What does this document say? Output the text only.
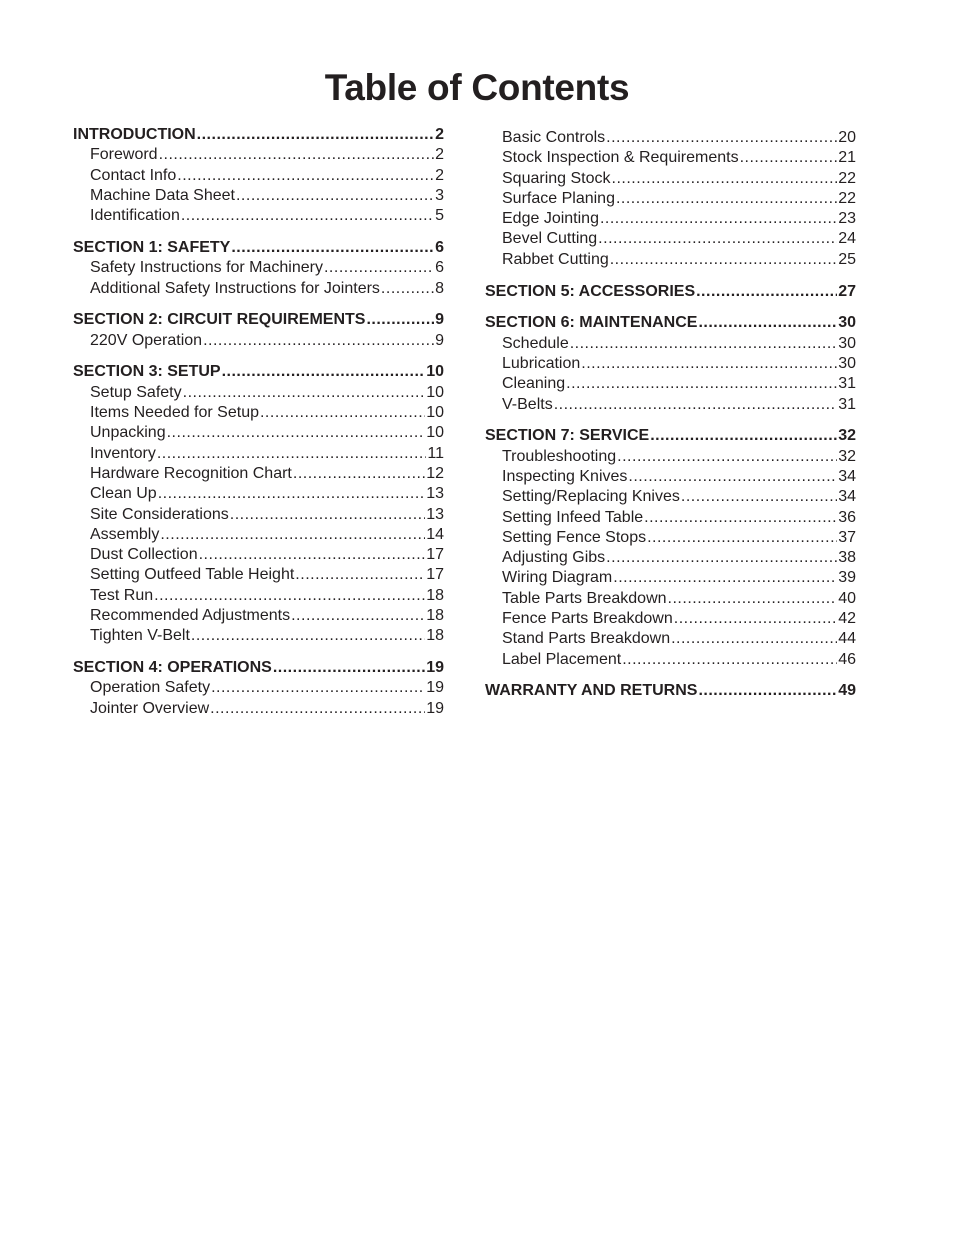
Table of Contents
INTRODUCTION .....	2
Foreword .....	2
Contact Info .....	2
Machine Data Sheet .....	3
Identification .....	5
SECTION 1: SAFETY .....	6
Safety Instructions for Machinery .....	6
Additional Safety Instructions for Jointers .....	8
SECTION 2: CIRCUIT REQUIREMENTS .....	9
220V Operation .....	9
SECTION 3: SETUP .....	10
Setup Safety .....	10
Items Needed for Setup .....	10
Unpacking .....	10
Inventory .....	11
Hardware Recognition Chart .....	12
Clean Up .....	13
Site Considerations .....	13
Assembly .....	14
Dust Collection .....	17
Setting Outfeed Table Height .....	17
Test Run .....	18
Recommended Adjustments .....	18
Tighten V-Belt .....	18
SECTION 4: OPERATIONS .....	19
Operation Safety .....	19
Jointer Overview .....	19
Basic Controls .....	20
Stock Inspection & Requirements .....	21
Squaring Stock .....	22
Surface Planing .....	22
Edge Jointing .....	23
Bevel Cutting .....	24
Rabbet Cutting .....	25
SECTION 5: ACCESSORIES .....	27
SECTION 6: MAINTENANCE .....	30
Schedule .....	30
Lubrication .....	30
Cleaning .....	31
V-Belts .....	31
SECTION 7: SERVICE .....	32
Troubleshooting .....	32
Inspecting Knives .....	34
Setting/Replacing Knives .....	34
Setting Infeed Table .....	36
Setting Fence Stops .....	37
Adjusting Gibs .....	38
Wiring Diagram .....	39
Table Parts Breakdown .....	40
Fence Parts Breakdown .....	42
Stand Parts Breakdown .....	44
Label Placement .....	46
WARRANTY AND RETURNS .....	49
